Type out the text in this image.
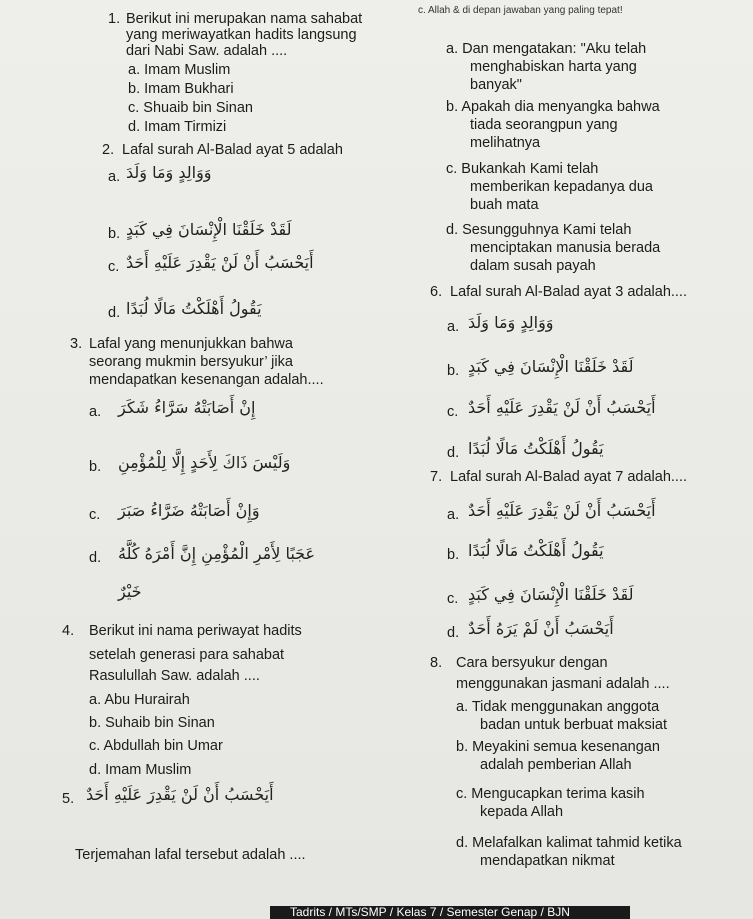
c. Allah & di depan jawaban yang paling tepat!
1. Berikut ini merupakan nama sahabat
yang meriwayatkan hadits langsung
dari Nabi Saw. adalah ....
a. Imam Muslim
b. Imam Bukhari
c. Shuaib bin Sinan
d. Imam Tirmizi
2. Lafal surah Al-Balad ayat 5 adalah
a. وَوَالِدٍ وَمَا وَلَدَ
b. لَقَدْ خَلَقْنَا الْإِنْسَانَ فِي كَبَدٍ
c. أَيَحْسَبُ أَنْ لَنْ يَقْدِرَ عَلَيْهِ أَحَدٌ
d. يَقُولُ أَهْلَكْتُ مَالًا لُبَدًا
3. Lafal yang menunjukkan bahwa
seorang mukmin bersyukur’ jika
mendapatkan kesenangan adalah....
a. إِنْ أَصَابَتْهُ سَرَّاءُ شَكَرَ
b. وَلَيْسَ ذَاكَ لِأَحَدٍ إِلَّا لِلْمُؤْمِنِ
c. وَإِنْ أَصَابَتْهُ ضَرَّاءُ صَبَرَ
d. عَجَبًا لِأَمْرِ الْمُؤْمِنِ إِنَّ أَمْرَهُ كُلَّهُ
خَيْرٌ
4. Berikut ini nama periwayat hadits
setelah generasi para sahabat
Rasulullah Saw. adalah ....
a. Abu Hurairah
b. Suhaib bin Sinan
c. Abdullah bin Umar
d. Imam Muslim
5. أَيَحْسَبُ أَنْ لَنْ يَقْدِرَ عَلَيْهِ أَحَدٌ
Terjemahan lafal tersebut adalah ....
a. Dan mengatakan: "Aku telah
menghabiskan harta yang
banyak"
b. Apakah dia menyangka bahwa
tiada seorangpun yang
melihatnya
c. Bukankah Kami telah
memberikan kepadanya dua
buah mata
d. Sesungguhnya Kami telah
menciptakan manusia berada
dalam susah payah
6. Lafal surah Al-Balad ayat 3 adalah....
a. وَوَالِدٍ وَمَا وَلَدَ
b. لَقَدْ خَلَقْنَا الْإِنْسَانَ فِي كَبَدٍ
c. أَيَحْسَبُ أَنْ لَنْ يَقْدِرَ عَلَيْهِ أَحَدٌ
d. يَقُولُ أَهْلَكْتُ مَالًا لُبَدًا
7. Lafal surah Al-Balad ayat 7 adalah....
a. أَيَحْسَبُ أَنْ لَنْ يَقْدِرَ عَلَيْهِ أَحَدٌ
b. يَقُولُ أَهْلَكْتُ مَالًا لُبَدًا
c. لَقَدْ خَلَقْنَا الْإِنْسَانَ فِي كَبَدٍ
d. أَيَحْسَبُ أَنْ لَمْ يَرَهُ أَحَدٌ
8. Cara bersyukur dengan
menggunakan jasmani adalah ....
a. Tidak menggunakan anggota
badan untuk berbuat maksiat
b. Meyakini semua kesenangan
adalah pemberian Allah
c. Mengucapkan terima kasih
kepada Allah
d. Melafalkan kalimat tahmid ketika
mendapatkan nikmat
Tadrits / MTs/SMP / Kelas 7 / Semester Genap / BJN
